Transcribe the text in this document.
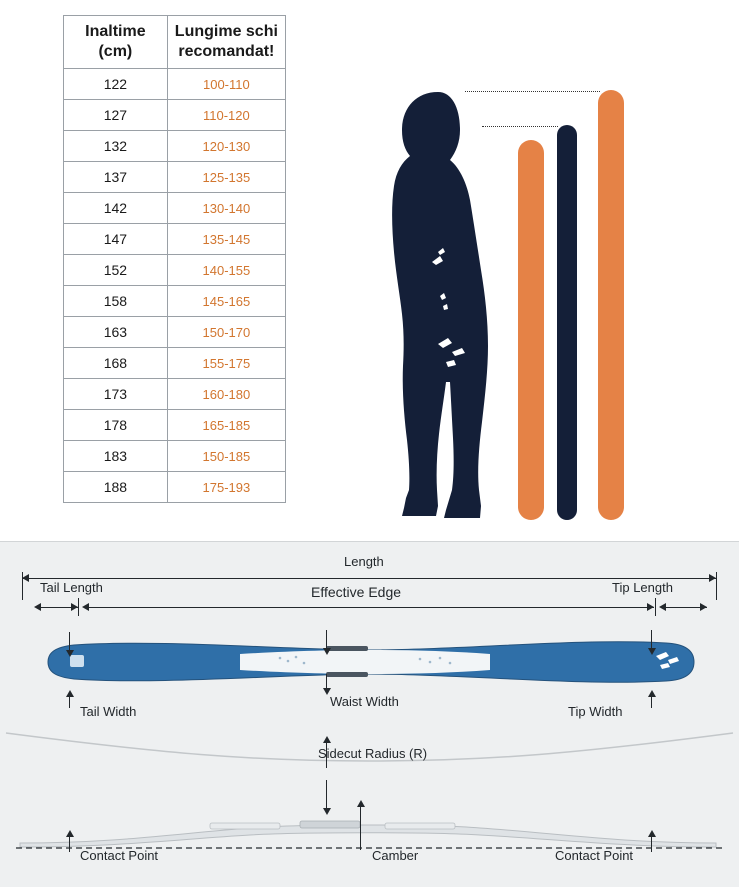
Inaltime
(cm)

Lungime schi
recomandat!

122	100-110
127	110-120
132	120-130
137	125-135
142	130-140
147	135-145
152	140-155
158	145-165
163	150-170
168	155-175
173	160-180
178	165-185
183	150-185
188	175-193
Length
Tail Length	Effective Edge	Tip Length
Tail Width
Waist Width
Tip Width
Sidecut Radius (R)
Contact Point	Camber	Contact Point
